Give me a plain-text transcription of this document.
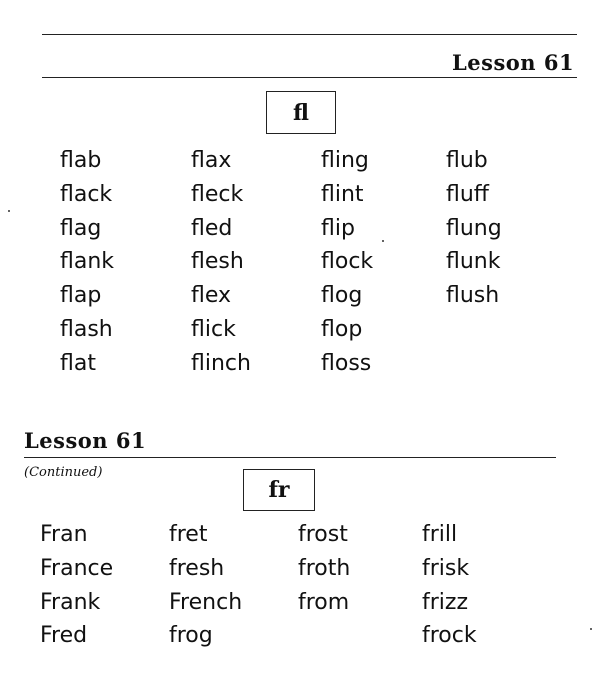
Lesson 61
fl
flab
flack
flag
flank
flap
flash
flat
flax
fleck
fled
flesh
flex
flick
flinch
fling
flint
flip
flock
flog
flop
floss
flub
fluff
flung
flunk
flush
Lesson 61
(Continued)
fr
Fran
France
Frank
Fred
fret
fresh
French
frog
frost
froth
from
frill
frisk
frizz
frock
